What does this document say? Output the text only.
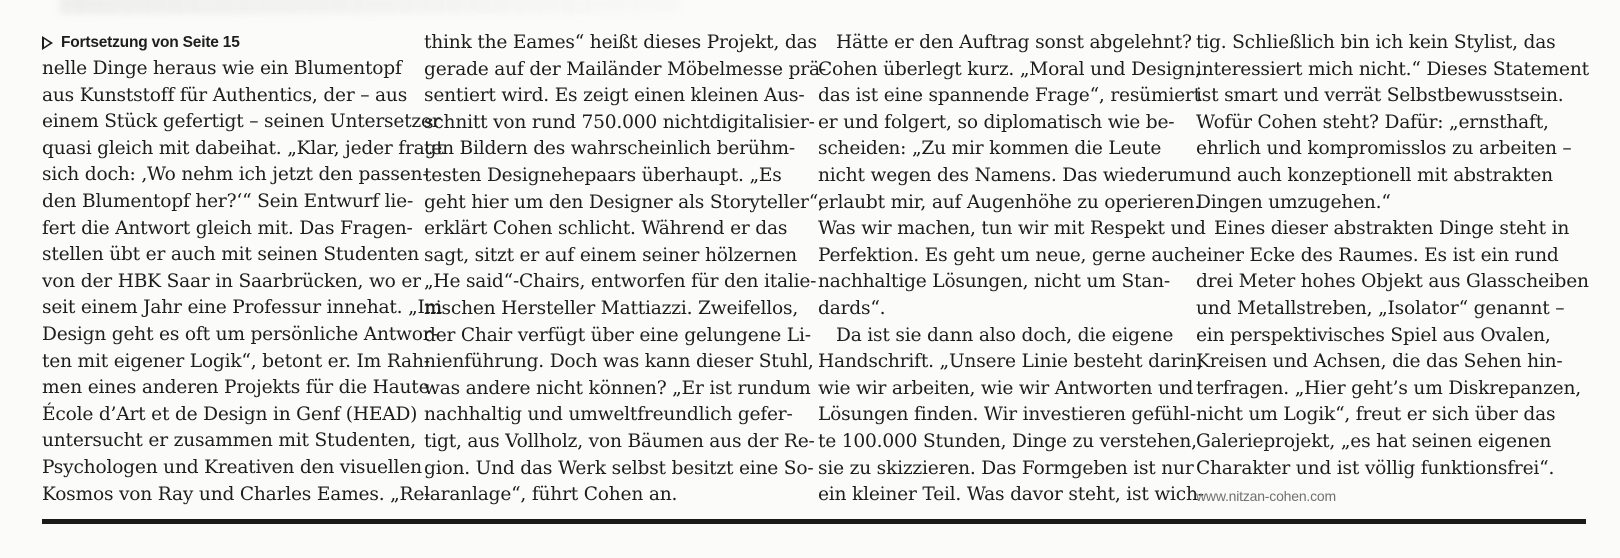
Fortsetzung von Seite 15
nelle Dinge heraus wie ein Blumentopf
aus Kunststoff für Authentics, der – aus
einem Stück gefertigt – seinen Untersetzer
quasi gleich mit dabeihat. „Klar, jeder fragt
sich doch: ‚Wo nehm ich jetzt den passen-
den Blumentopf her?‘“ Sein Entwurf lie-
fert die Antwort gleich mit. Das Fragen-
stellen übt er auch mit seinen Studenten
von der HBK Saar in Saarbrücken, wo er
seit einem Jahr eine Professur innehat. „Im
Design geht es oft um persönliche Antwor-
ten mit eigener Logik“, betont er. Im Rah-
men eines anderen Projekts für die Haute
École d’Art et de Design in Genf (HEAD)
untersucht er zusammen mit Studenten,
Psychologen und Kreativen den visuellen
Kosmos von Ray und Charles Eames. „Re-
think the Eames“ heißt dieses Projekt, das
gerade auf der Mailänder Möbelmesse prä-
sentiert wird. Es zeigt einen kleinen Aus-
schnitt von rund 750.000 nichtdigitalisier-
ten Bildern des wahrscheinlich berühm-
testen Designehepaars überhaupt. „Es
geht hier um den Designer als Storyteller“,
erklärt Cohen schlicht. Während er das
sagt, sitzt er auf einem seiner hölzernen
„He said“-Chairs, entworfen für den italie-
nischen Hersteller Mattiazzi. Zweifellos,
der Chair verfügt über eine gelungene Li-
nienführung. Doch was kann dieser Stuhl,
was andere nicht können? „Er ist rundum
nachhaltig und umweltfreundlich gefer-
tigt, aus Vollholz, von Bäumen aus der Re-
gion. Und das Werk selbst besitzt eine So-
laranlage“, führt Cohen an.
Hätte er den Auftrag sonst abgelehnt?
Cohen überlegt kurz. „Moral und Design,
das ist eine spannende Frage“, resümiert
er und folgert, so diplomatisch wie be-
scheiden: „Zu mir kommen die Leute
nicht wegen des Namens. Das wiederum
erlaubt mir, auf Augenhöhe zu operieren.
Was wir machen, tun wir mit Respekt und
Perfektion. Es geht um neue, gerne auch
nachhaltige Lösungen, nicht um Stan-
dards“.
Da ist sie dann also doch, die eigene
Handschrift. „Unsere Linie besteht darin,
wie wir arbeiten, wie wir Antworten und
Lösungen finden. Wir investieren gefühl-
te 100.000 Stunden, Dinge zu verstehen,
sie zu skizzieren. Das Formgeben ist nur
ein kleiner Teil. Was davor steht, ist wich-
tig. Schließlich bin ich kein Stylist, das
interessiert mich nicht.“ Dieses Statement
ist smart und verrät Selbstbewusstsein.
Wofür Cohen steht? Dafür: „ernsthaft,
ehrlich und kompromisslos zu arbeiten –
und auch konzeptionell mit abstrakten
Dingen umzugehen.“
Eines dieser abstrakten Dinge steht in
einer Ecke des Raumes. Es ist ein rund
drei Meter hohes Objekt aus Glasscheiben
und Metallstreben, „Isolator“ genannt –
ein perspektivisches Spiel aus Ovalen,
Kreisen und Achsen, die das Sehen hin-
terfragen. „Hier geht’s um Diskrepanzen,
nicht um Logik“, freut er sich über das
Galerieprojekt, „es hat seinen eigenen
Charakter und ist völlig funktionsfrei“.
www.nitzan-cohen.com
